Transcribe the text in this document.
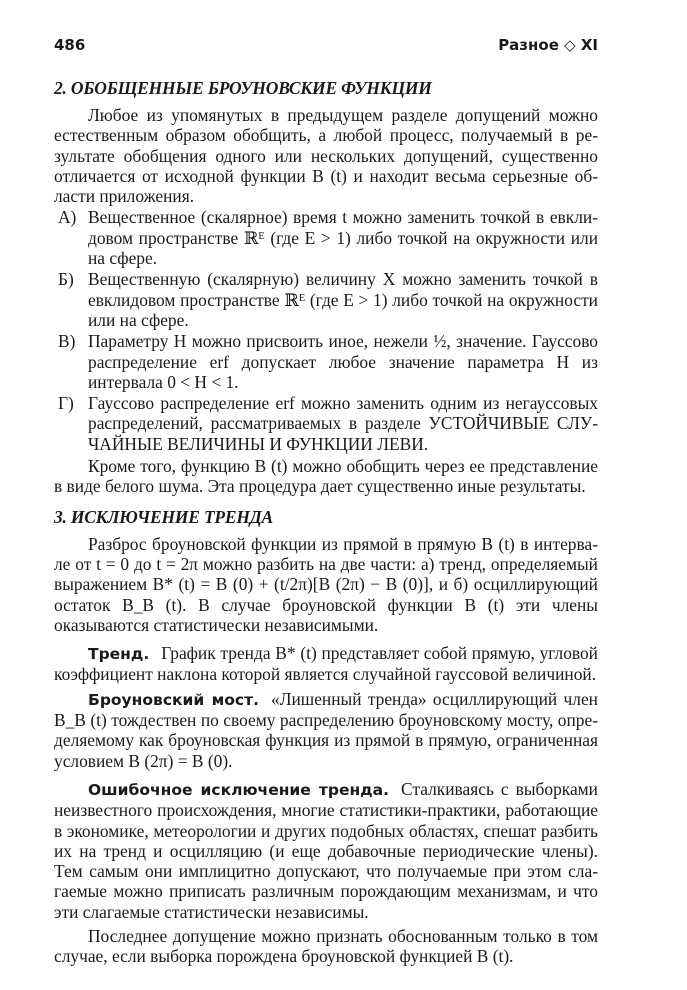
486	Разное ◇ XI
2. ОБОБЩЕННЫЕ БРОУНОВСКИЕ ФУНКЦИИ

Любое из упомянутых в предыдущем разделе допущений можно естественным образом обобщить, а любой процесс, получаемый в результате обобщения одного или нескольких допущений, существенно отличается от исходной функции B (t) и находит весьма серьезные области приложения.

А) Вещественное (скалярное) время t можно заменить точкой в евклидовом пространстве ℝᴱ (где E > 1) либо точкой на окружности или на сфере.
Б) Вещественную (скалярную) величину X можно заменить точкой в евклидовом пространстве ℝᴱ (где E > 1) либо точкой на окружности или на сфере.
В) Параметру H можно присвоить иное, нежели ½, значение. Гауссово распределение erf допускает любое значение параметра H из интервала 0 < H < 1.
Г) Гауссово распределение erf можно заменить одним из негауссовых распределений, рассматриваемых в разделе УСТОЙЧИВЫЕ СЛУЧАЙНЫЕ ВЕЛИЧИНЫ И ФУНКЦИИ ЛЕВИ.

Кроме того, функцию B (t) можно обобщить через ее представление в виде белого шума. Эта процедура дает существенно иные результаты.

3. ИСКЛЮЧЕНИЕ ТРЕНДА

Разброс броуновской функции из прямой в прямую B (t) в интервале от t = 0 до t = 2π можно разбить на две части: а) тренд, определяемый выражением B* (t) = B (0) + (t/2π)[B (2π) − B (0)], и б) осциллирующий остаток B_B (t). В случае броуновской функции B (t) эти члены оказываются статистически независимыми.

Тренд. График тренда B* (t) представляет собой прямую, угловой коэффициент наклона которой является случайной гауссовой величиной.

Броуновский мост. «Лишенный тренда» осциллирующий член B_B (t) тождествен по своему распределению броуновскому мосту, определяемому как броуновская функция из прямой в прямую, ограниченная условием B (2π) = B (0).

Ошибочное исключение тренда. Сталкиваясь с выборками неизвестного происхождения, многие статистики-практики, работающие в экономике, метеорологии и других подобных областях, спешат разбить их на тренд и осцилляцию (и еще добавочные периодические члены). Тем самым они имплицитно допускают, что получаемые при этом слагаемые можно приписать различным порождающим механизмам, и что эти слагаемые статистически независимы.

Последнее допущение можно признать обоснованным только в том случае, если выборка порождена броуновской функцией B (t).
